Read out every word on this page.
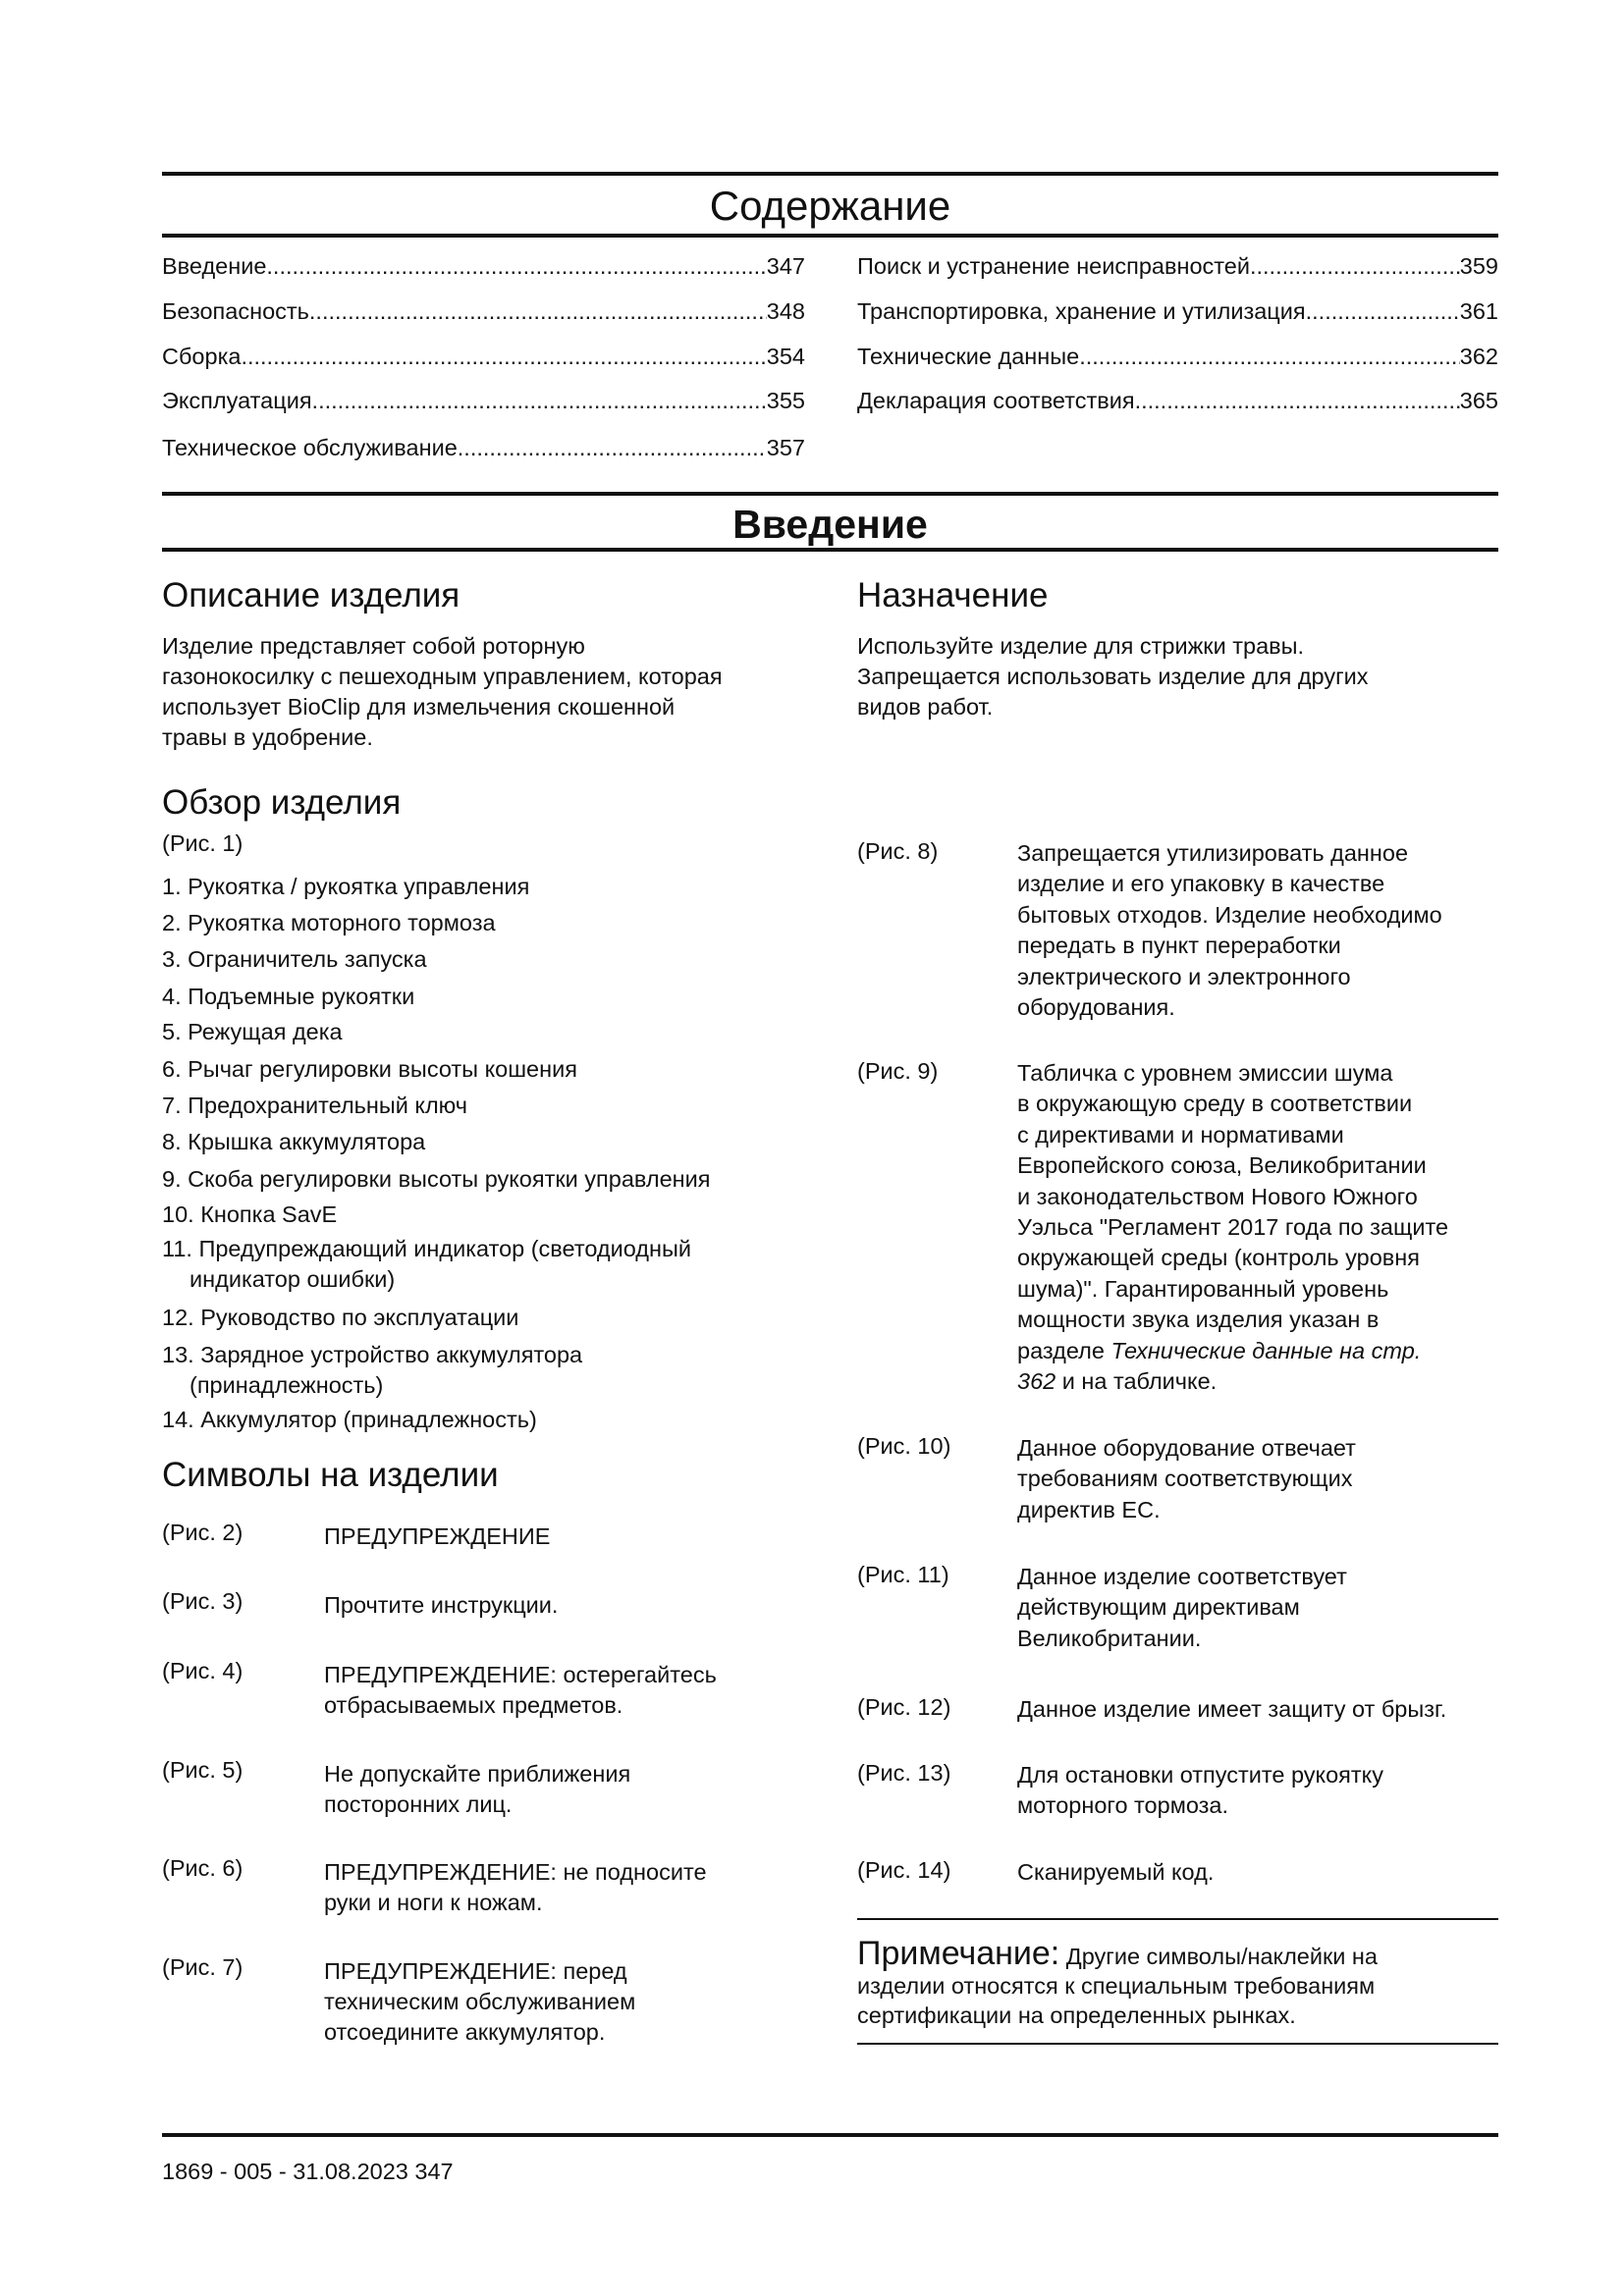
Содержание
Введение .....	347
Безопасность .....	348
Сборка .....	354
Эксплуатация .....	355
Техническое обслуживание .....	357
Поиск и устранение неисправностей .....	359
Транспортировка, хранение и утилизация .....	361
Технические данные .....	362
Декларация соответствия .....	365
Введение
Описание изделия
Изделие представляет собой роторную
газонокосилку с пешеходным управлением, которая
использует BioClip для измельчения скошенной
травы в удобрение.
Назначение
Используйте изделие для стрижки травы.
Запрещается использовать изделие для других
видов работ.
Обзор изделия
(Рис. 1)
1. Рукоятка / рукоятка управления
2. Рукоятка моторного тормоза
3. Ограничитель запуска
4. Подъемные рукоятки
5. Режущая дека
6. Рычаг регулировки высоты кошения
7. Предохранительный ключ
8. Крышка аккумулятора
9. Скоба регулировки высоты рукоятки управления
10. Кнопка SavE
11. Предупреждающий индикатор (светодиодный
индикатор ошибки)
12. Руководство по эксплуатации
13. Зарядное устройство аккумулятора
(принадлежность)
14. Аккумулятор (принадлежность)
Символы на изделии
(Рис. 2)	ПРЕДУПРЕЖДЕНИЕ
(Рис. 3)	Прочтите инструкции.
(Рис. 4)	ПРЕДУПРЕЖДЕНИЕ: остерегайтесь
отбрасываемых предметов.
(Рис. 5)	Не допускайте приближения
посторонних лиц.
(Рис. 6)	ПРЕДУПРЕЖДЕНИЕ: не подносите
руки и ноги к ножам.
(Рис. 7)	ПРЕДУПРЕЖДЕНИЕ: перед
техническим обслуживанием
отсоедините аккумулятор.
(Рис. 8)	Запрещается утилизировать данное
изделие и его упаковку в качестве
бытовых отходов. Изделие необходимо
передать в пункт переработки
электрического и электронного
оборудования.
(Рис. 9)	Табличка с уровнем эмиссии шума
в окружающую среду в соответствии
с директивами и нормативами
Европейского союза, Великобритании
и законодательством Нового Южного
Уэльса "Регламент 2017 года по защите
окружающей среды (контроль уровня
шума)". Гарантированный уровень
мощности звука изделия указан в
разделе Технические данные на стр.
362 и на табличке.
(Рис. 10)	Данное оборудование отвечает
требованиям соответствующих
директив ЕС.
(Рис. 11)	Данное изделие соответствует
действующим директивам
Великобритании.
(Рис. 12)	Данное изделие имеет защиту от брызг.
(Рис. 13)	Для остановки отпустите рукоятку
моторного тормоза.
(Рис. 14)	Сканируемый код.
Примечание: Другие символы/наклейки на
изделии относятся к специальным требованиям
сертификации на определенных рынках.
1869 - 005 - 31.08.2023 347
